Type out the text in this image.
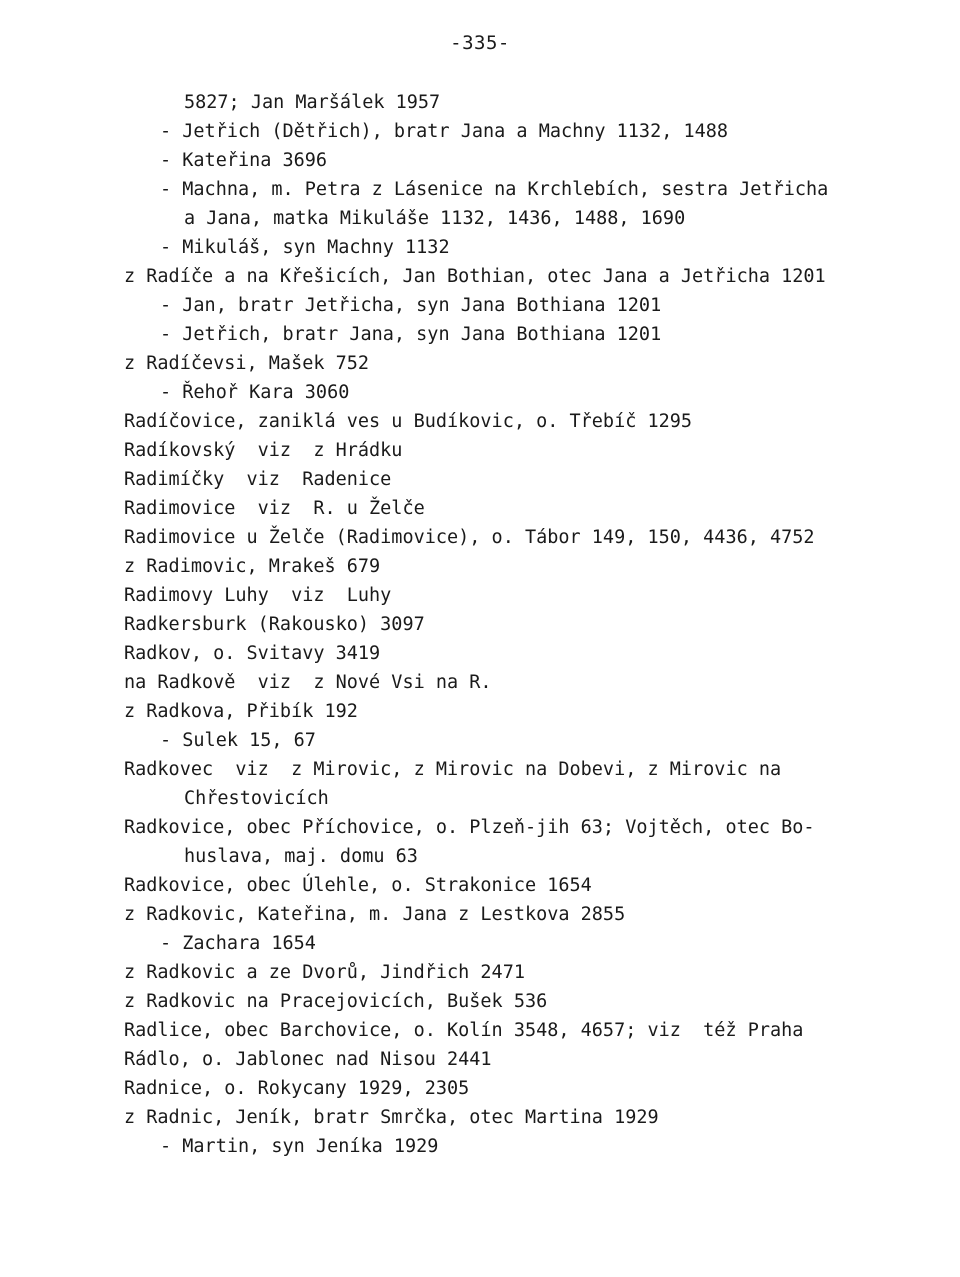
-335-
5827; Jan Maršálek 1957
- Jetřich (Dětřich), bratr Jana a Machny 1132, 1488
- Kateřina 3696
- Machna, m. Petra z Lásenice na Krchlebích, sestra Jetřicha
a Jana, matka Mikuláše 1132, 1436, 1488, 1690
- Mikuláš, syn Machny 1132
z Radíče a na Křešicích, Jan Bothian, otec Jana a Jetřicha 1201
- Jan, bratr Jetřicha, syn Jana Bothiana 1201
- Jetřich, bratr Jana, syn Jana Bothiana 1201
z Radíčevsi, Mašek 752
- Řehoř Kara 3060
Radíčovice, zaniklá ves u Budíkovic, o. Třebíč 1295
Radíkovský  viz  z Hrádku
Radimíčky  viz  Radenice
Radimovice  viz  R. u Želče
Radimovice u Želče (Radimovice), o. Tábor 149, 150, 4436, 4752
z Radimovic, Mrakeš 679
Radimovy Luhy  viz  Luhy
Radkersburk (Rakousko) 3097
Radkov, o. Svitavy 3419
na Radkově  viz  z Nové Vsi na R.
z Radkova, Přibík 192
- Sulek 15, 67
Radkovec  viz  z Mirovic, z Mirovic na Dobevi, z Mirovic na
Chřestovicích
Radkovice, obec Příchovice, o. Plzeň-jih 63; Vojtěch, otec Bo-
huslava, maj. domu 63
Radkovice, obec Úlehle, o. Strakonice 1654
z Radkovic, Kateřina, m. Jana z Lestkova 2855
- Zachara 1654
z Radkovic a ze Dvorů, Jindřich 2471
z Radkovic na Pracejovicích, Bušek 536
Radlice, obec Barchovice, o. Kolín 3548, 4657; viz  též Praha
Rádlo, o. Jablonec nad Nisou 2441
Radnice, o. Rokycany 1929, 2305
z Radnic, Jeník, bratr Smrčka, otec Martina 1929
- Martin, syn Jeníka 1929
